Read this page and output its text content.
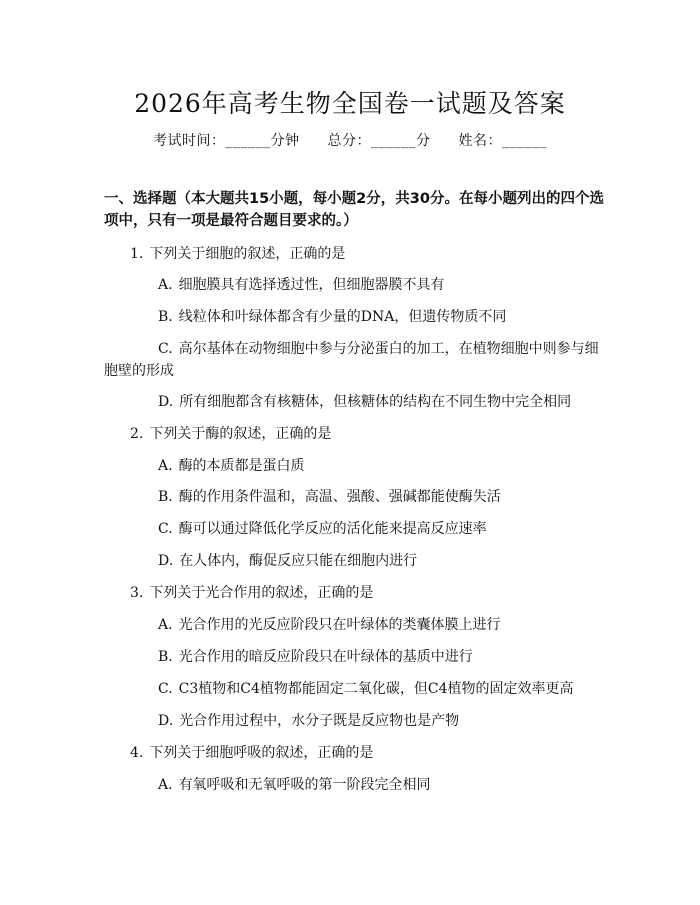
2026年高考生物全国卷一试题及答案
考试时间：______分钟 总分：______分 姓名：______
一、选择题（本大题共15小题，每小题2分，共30分。在每小题列出的四个选项中，只有一项是最符合题目要求的。）
1. 下列关于细胞的叙述，正确的是
A. 细胞膜具有选择透过性，但细胞器膜不具有
B. 线粒体和叶绿体都含有少量的DNA，但遗传物质不同
C. 高尔基体在动物细胞中参与分泌蛋白的加工，在植物细胞中则参与细胞壁的形成
D. 所有细胞都含有核糖体，但核糖体的结构在不同生物中完全相同
2. 下列关于酶的叙述，正确的是
A. 酶的本质都是蛋白质
B. 酶的作用条件温和，高温、强酸、强碱都能使酶失活
C. 酶可以通过降低化学反应的活化能来提高反应速率
D. 在人体内，酶促反应只能在细胞内进行
3. 下列关于光合作用的叙述，正确的是
A. 光合作用的光反应阶段只在叶绿体的类囊体膜上进行
B. 光合作用的暗反应阶段只在叶绿体的基质中进行
C. C3植物和C4植物都能固定二氧化碳，但C4植物的固定效率更高
D. 光合作用过程中，水分子既是反应物也是产物
4. 下列关于细胞呼吸的叙述，正确的是
A. 有氧呼吸和无氧呼吸的第一阶段完全相同
